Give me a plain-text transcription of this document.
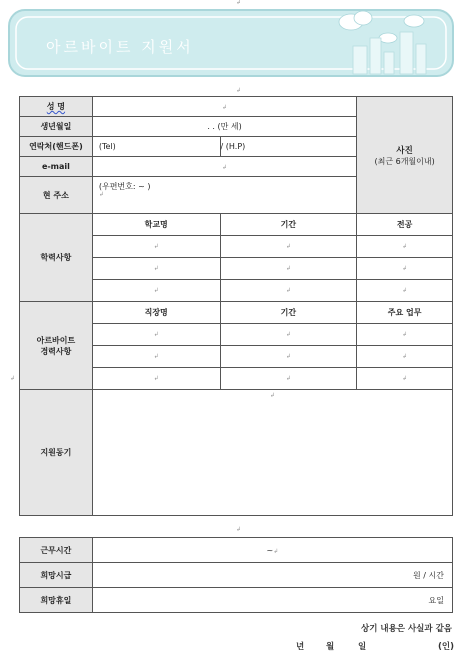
아르바이트 지원서
↲
↲
↲
↲
성 명	↲		사진
(최근 6개월이내)

생년월일	. . (만 세)		
연락처(핸드폰)	(Tel)	/ (H.P)	
e-mail	↲		
현 주소	(우편번호: ~ )
↲		

학력사항	학교명	기간	전공
	↲	↲	↲
	↲	↲	↲
	↲	↲	↲

아르바이트
경력사항	직장명	기간	주요 업무
	↲	↲	↲
	↲	↲	↲
	↲	↲	↲
지원동기	↲		
근무시간	~↲
희망시급	원 / 시간
희망휴일	요일
상기 내용은 사실과 같음
년	월	일	(인)
